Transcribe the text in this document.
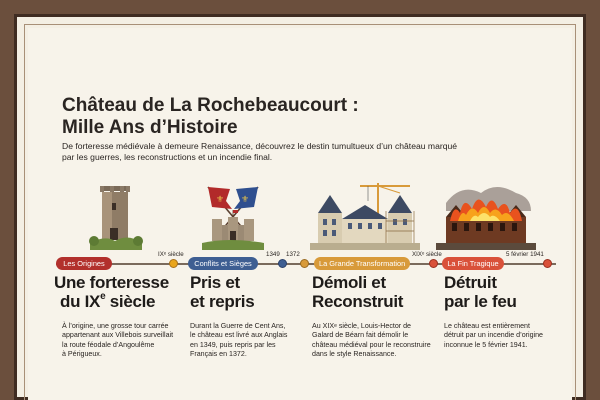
Château de La Rochebeaucourt :
Mille Ans d’Histoire
De forteresse médiévale à demeure Renaissance, découvrez le destin tumultueux d’un château marqué par les guerres, les reconstructions et un incendie final.
⚜ ⚜
Les Origines
IXᵉ siècle
Conflits et Sièges
1349 1372
La Grande Transformation
XIXᵉ siècle
La Fin Tragique
5 février 1941
Une forteresse
du IXe siècle
À l’origine, une grosse tour carrée
appartenant aux Villebois surveillait
la route féodale d’Angoulême
à Périgueux.
Pris et
et repris
Durant la Guerre de Cent Ans,
le château est livré aux Anglais
en 1349, puis repris par les
Français en 1372.
Démoli et
Reconstruit
Au XIXe siècle, Louis-Hector de
Galard de Béarn fait démolir le
château médiéval pour le reconstruire
dans le style Renaissance.
Détruit
par le feu
Le château est entièrement
détruit par un incendie d’origine
inconnue le 5 février 1941.
